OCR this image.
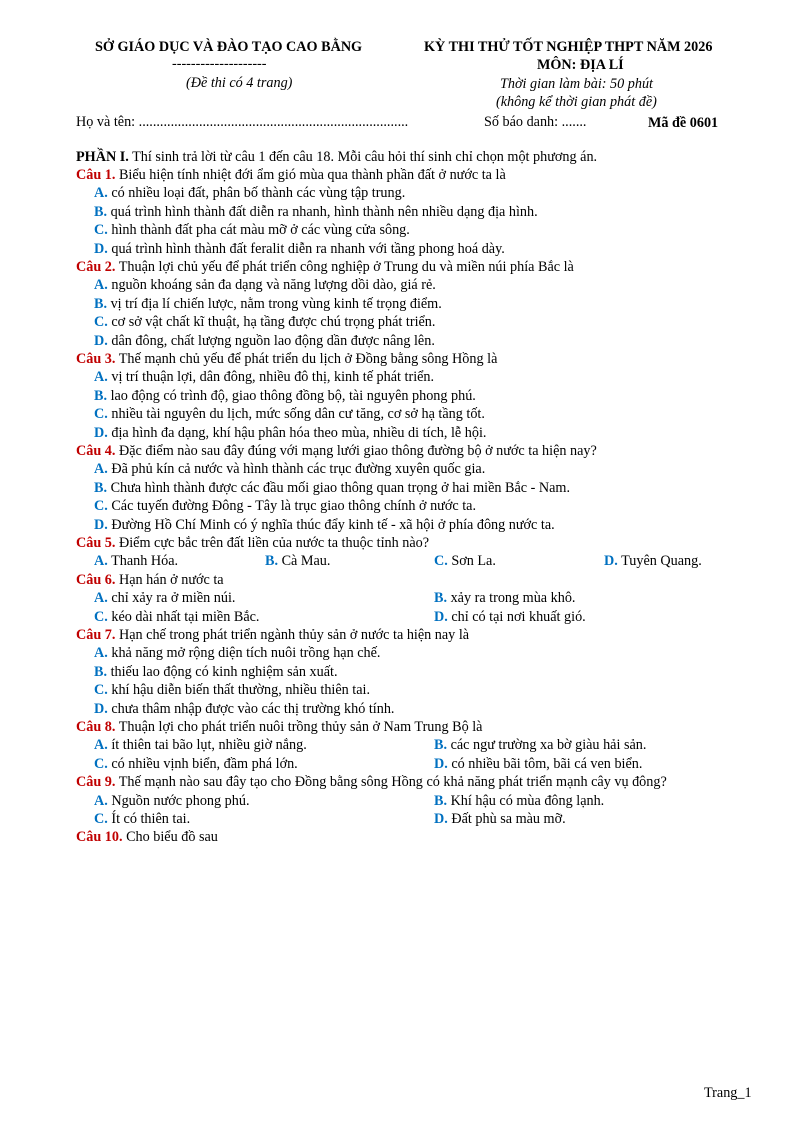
SỞ GIÁO DỤC VÀ ĐÀO TẠO CAO BẰNG
--------------------
(Đề thi có 4 trang)
KỲ THI THỬ TỐT NGHIỆP THPT NĂM 2026
MÔN: ĐỊA LÍ
Thời gian làm bài: 50 phút
(không kể thời gian phát đề)
Họ và tên: ............................................................................	Số báo danh: .......	Mã đề 0601
PHẦN I. Thí sinh trả lời từ câu 1 đến câu 18. Mỗi câu hỏi thí sinh chỉ chọn một phương án.
Câu 1. Biểu hiện tính nhiệt đới ẩm gió mùa qua thành phần đất ở nước ta là
A. có nhiều loại đất, phân bố thành các vùng tập trung.
B. quá trình hình thành đất diễn ra nhanh, hình thành nên nhiều dạng địa hình.
C. hình thành đất pha cát màu mỡ ở các vùng cửa sông.
D. quá trình hình thành đất feralit diễn ra nhanh với tầng phong hoá dày.
Câu 2. Thuận lợi chủ yếu để phát triển công nghiệp ở Trung du và miền núi phía Bắc là
A. nguồn khoáng sản đa dạng và năng lượng dồi dào, giá rẻ.
B. vị trí địa lí chiến lược, nằm trong vùng kinh tế trọng điểm.
C. cơ sở vật chất kĩ thuật, hạ tầng được chú trọng phát triển.
D. dân đông, chất lượng nguồn lao động dần được nâng lên.
Câu 3. Thế mạnh chủ yếu để phát triển du lịch ở Đồng bằng sông Hồng là
A. vị trí thuận lợi, dân đông, nhiều đô thị, kinh tế phát triển.
B. lao động có trình độ, giao thông đồng bộ, tài nguyên phong phú.
C. nhiều tài nguyên du lịch, mức sống dân cư tăng, cơ sở hạ tầng tốt.
D. địa hình đa dạng, khí hậu phân hóa theo mùa, nhiều di tích, lễ hội.
Câu 4. Đặc điểm nào sau đây đúng với mạng lưới giao thông đường bộ ở nước ta hiện nay?
A. Đã phủ kín cả nước và hình thành các trục đường xuyên quốc gia.
B. Chưa hình thành được các đầu mối giao thông quan trọng ở hai miền Bắc - Nam.
C. Các tuyến đường Đông - Tây là trục giao thông chính ở nước ta.
D. Đường Hồ Chí Minh có ý nghĩa thúc đẩy kinh tế - xã hội ở phía đông nước ta.
Câu 5. Điểm cực bắc trên đất liền của nước ta thuộc tỉnh nào?
A. Thanh Hóa.	B. Cà Mau.	C. Sơn La.	D. Tuyên Quang.
Câu 6. Hạn hán ở nước ta
A. chỉ xảy ra ở miền núi.	B. xảy ra trong mùa khô.
C. kéo dài nhất tại miền Bắc.	D. chỉ có tại nơi khuất gió.
Câu 7. Hạn chế trong phát triển ngành thủy sản ở nước ta hiện nay là
A. khả năng mở rộng diện tích nuôi trồng hạn chế.
B. thiếu lao động có kinh nghiệm sản xuất.
C. khí hậu diễn biến thất thường, nhiều thiên tai.
D. chưa thâm nhập được vào các thị trường khó tính.
Câu 8. Thuận lợi cho phát triển nuôi trồng thủy sản ở Nam Trung Bộ là
A. ít thiên tai bão lụt, nhiều giờ nắng.	B. các ngư trường xa bờ giàu hải sản.
C. có nhiều vịnh biển, đầm phá lớn.	D. có nhiều bãi tôm, bãi cá ven biển.
Câu 9. Thế mạnh nào sau đây tạo cho Đồng bằng sông Hồng có khả năng phát triển mạnh cây vụ đông?
A. Nguồn nước phong phú.	B. Khí hậu có mùa đông lạnh.
C. Ít có thiên tai.	D. Đất phù sa màu mỡ.
Câu 10. Cho biểu đồ sau
Trang_1
